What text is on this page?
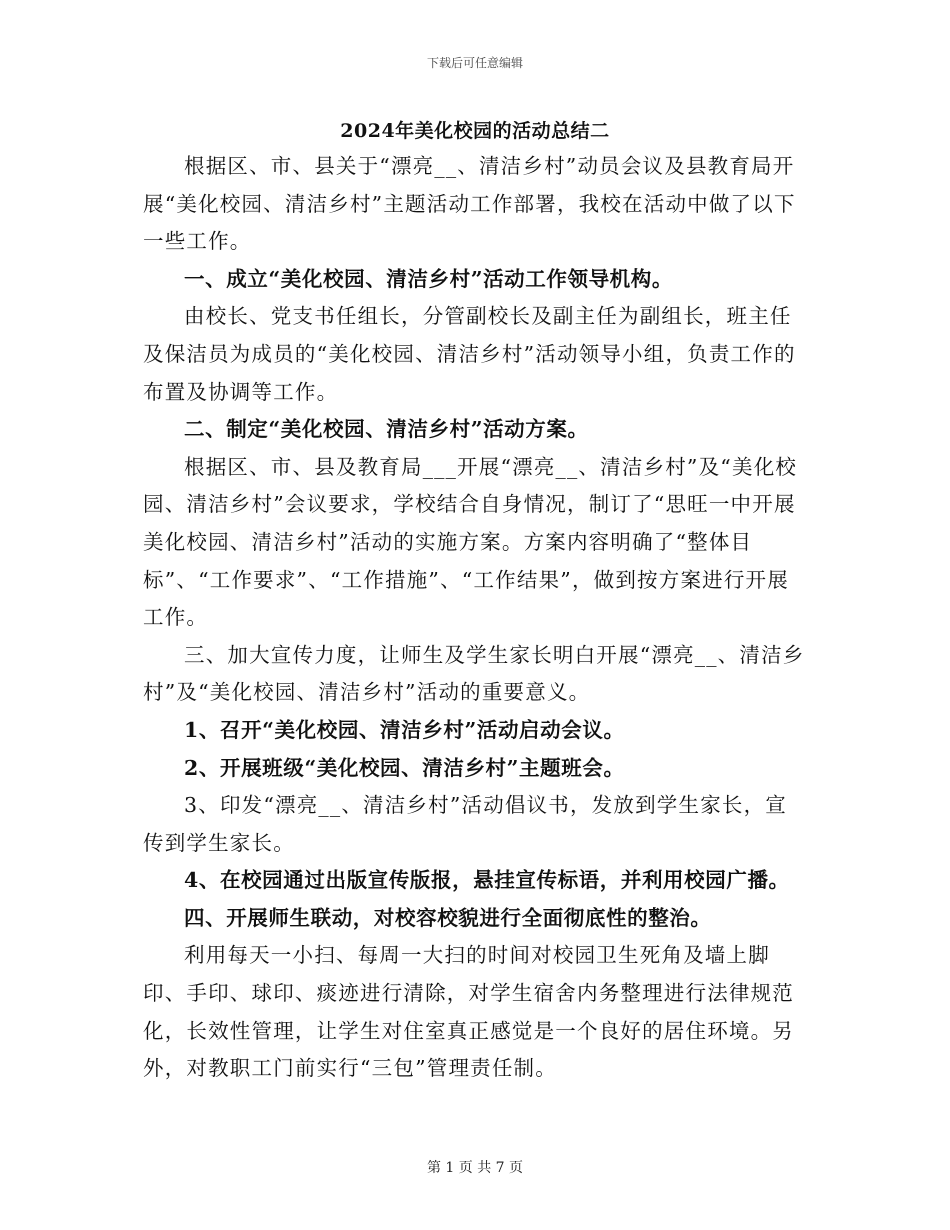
下载后可任意编辑
2024年美化校园的活动总结二

根据区、市、县关于“漂亮__、清洁乡村”动员会议及县教育局开展“美化校园、清洁乡村”主题活动工作部署，我校在活动中做了以下一些工作。

一、成立“美化校园、清洁乡村”活动工作领导机构。

由校长、党支书任组长，分管副校长及副主任为副组长，班主任及保洁员为成员的“美化校园、清洁乡村”活动领导小组，负责工作的布置及协调等工作。

二、制定“美化校园、清洁乡村”活动方案。

根据区、市、县及教育局___开展“漂亮__、清洁乡村”及“美化校园、清洁乡村”会议要求，学校结合自身情况，制订了“思旺一中开展美化校园、清洁乡村”活动的实施方案。方案内容明确了“整体目标”、“工作要求”、“工作措施”、“工作结果”，做到按方案进行开展工作。

三、加大宣传力度，让师生及学生家长明白开展“漂亮__、清洁乡村”及“美化校园、清洁乡村”活动的重要意义。

1、召开“美化校园、清洁乡村”活动启动会议。

2、开展班级“美化校园、清洁乡村”主题班会。

3、印发“漂亮__、清洁乡村”活动倡议书，发放到学生家长，宣传到学生家长。

4、在校园通过出版宣传版报，悬挂宣传标语，并利用校园广播。

四、开展师生联动，对校容校貌进行全面彻底性的整治。

利用每天一小扫、每周一大扫的时间对校园卫生死角及墙上脚印、手印、球印、痰迹进行清除，对学生宿舍内务整理进行法律规范化，长效性管理，让学生对住室真正感觉是一个良好的居住环境。另外，对教职工门前实行“三包”管理责任制。

第 1 页 共 7 页
